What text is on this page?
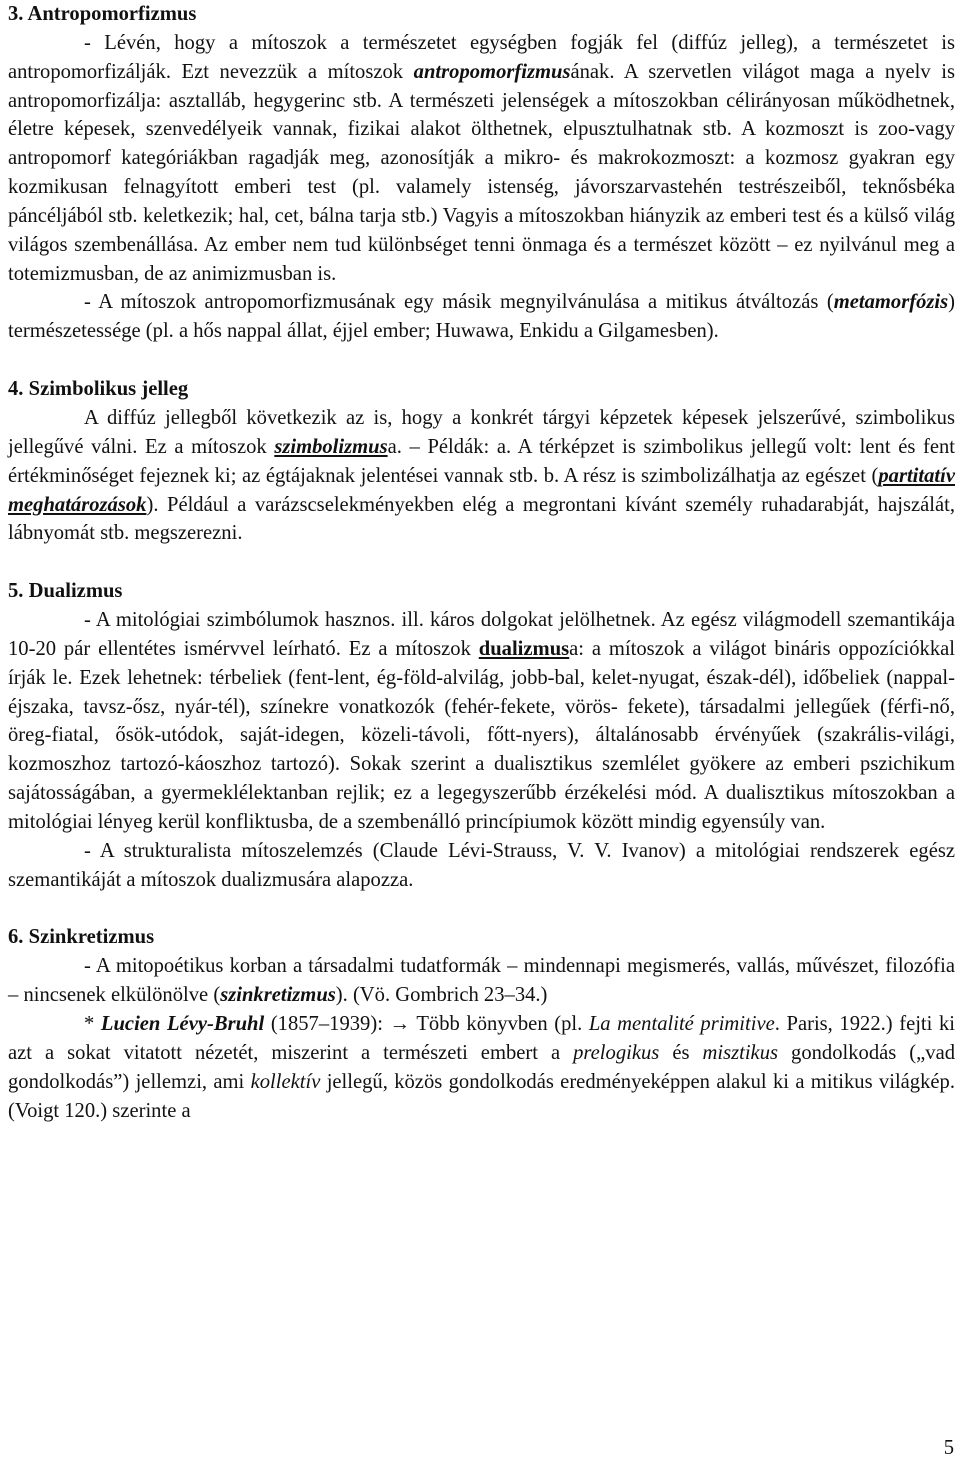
3. Antropomorfizmus

- Lévén, hogy a mítoszok a természetet egységben fogják fel (diffúz jelleg), a természetet is antropomorfizálják. Ezt nevezzük a mítoszok antropomorfizmusának. A szervetlen világot maga a nyelv is antropomorfizálja: asztalláb, hegygerinc stb. A természeti jelenségek a mítoszokban célirányosan működhetnek, életre képesek, szenvedélyeik vannak, fizikai alakot ölthetnek, elpusztulhatnak stb. A kozmoszt is zoo-vagy antropomorf kategóriákban ragadják meg, azonosítják a mikro- és makrokozmoszt: a kozmosz gyakran egy kozmikusan felnagyított emberi test (pl. valamely istenség, jávorszarvastehén testrészeiből, teknősbéka páncéljából stb. keletkezik; hal, cet, bálna tarja stb.) Vagyis a mítoszokban hiányzik az emberi test és a külső világ világos szembenállása. Az ember nem tud különbséget tenni önmaga és a természet között – ez nyilvánul meg a totemizmusban, de az animizmusban is.

- A mítoszok antropomorfizmusának egy másik megnyilvánulása a mitikus átváltozás (metamorfózis) természetessége (pl. a hős nappal állat, éjjel ember; Huwawa, Enkidu a Gilgamesben).

4. Szimbolikus jelleg

A diffúz jellegből következik az is, hogy a konkrét tárgyi képzetek képesek jelszerűvé, szimbolikus jellegűvé válni. Ez a mítoszok szimbolizmusa. – Példák: a. A térképzet is szimbolikus jellegű volt: lent és fent értékminőséget fejeznek ki; az égtájaknak jelentései vannak stb. b. A rész is szimbolizálhatja az egészet (partitatív meghatározások). Például a varázscselekményekben elég a megrontani kívánt személy ruhadarabját, hajszálát, lábnyomát stb. megszerezni.

5. Dualizmus

- A mitológiai szimbólumok hasznos. ill. káros dolgokat jelölhetnek. Az egész világmodell szemantikája 10-20 pár ellentétes ismérvvel leírható. Ez a mítoszok dualizmusa: a mítoszok a világot bináris oppozíciókkal írják le. Ezek lehetnek: térbeliek (fent-lent, ég-föld-alvilág, jobb-bal, kelet-nyugat, észak-dél), időbeliek (nappal- éjszaka, tavsz-ősz, nyár-tél), színekre vonatkozók (fehér-fekete, vörös- fekete), társadalmi jellegűek (férfi-nő, öreg-fiatal, ősök-utódok, saját-idegen, közeli-távoli, főtt-nyers), általánosabb érvényűek (szakrális-világi, kozmoszhoz tartozó-káoszhoz tartozó). Sokak szerint a dualisztikus szemlélet gyökere az emberi pszichikum sajátosságában, a gyermeklélektanban rejlik; ez a legegyszerűbb érzékelési mód. A dualisztikus mítoszokban a mitológiai lényeg kerül konfliktusba, de a szembenálló princípiumok között mindig egyensúly van.

- A strukturalista mítoszelemzés (Claude Lévi-Strauss, V. V. Ivanov) a mitológiai rendszerek egész szemantikáját a mítoszok dualizmusára alapozza.

6. Szinkretizmus

- A mitopoétikus korban a társadalmi tudatformák – mindennapi megismerés, vallás, művészet, filozófia – nincsenek elkülönölve (szinkretizmus). (Vö. Gombrich 23–34.)

* Lucien Lévy-Bruhl (1857–1939): → Több könyvben (pl. La mentalité primitive. Paris, 1922.) fejti ki azt a sokat vitatott nézetét, miszerint a természeti embert a prelogikus és misztikus gondolkodás („vad gondolkodás”) jellemzi, ami kollektív jellegű, közös gondolkodás eredményeképpen alakul ki a mitikus világkép. (Voigt 120.) szerinte a

5
